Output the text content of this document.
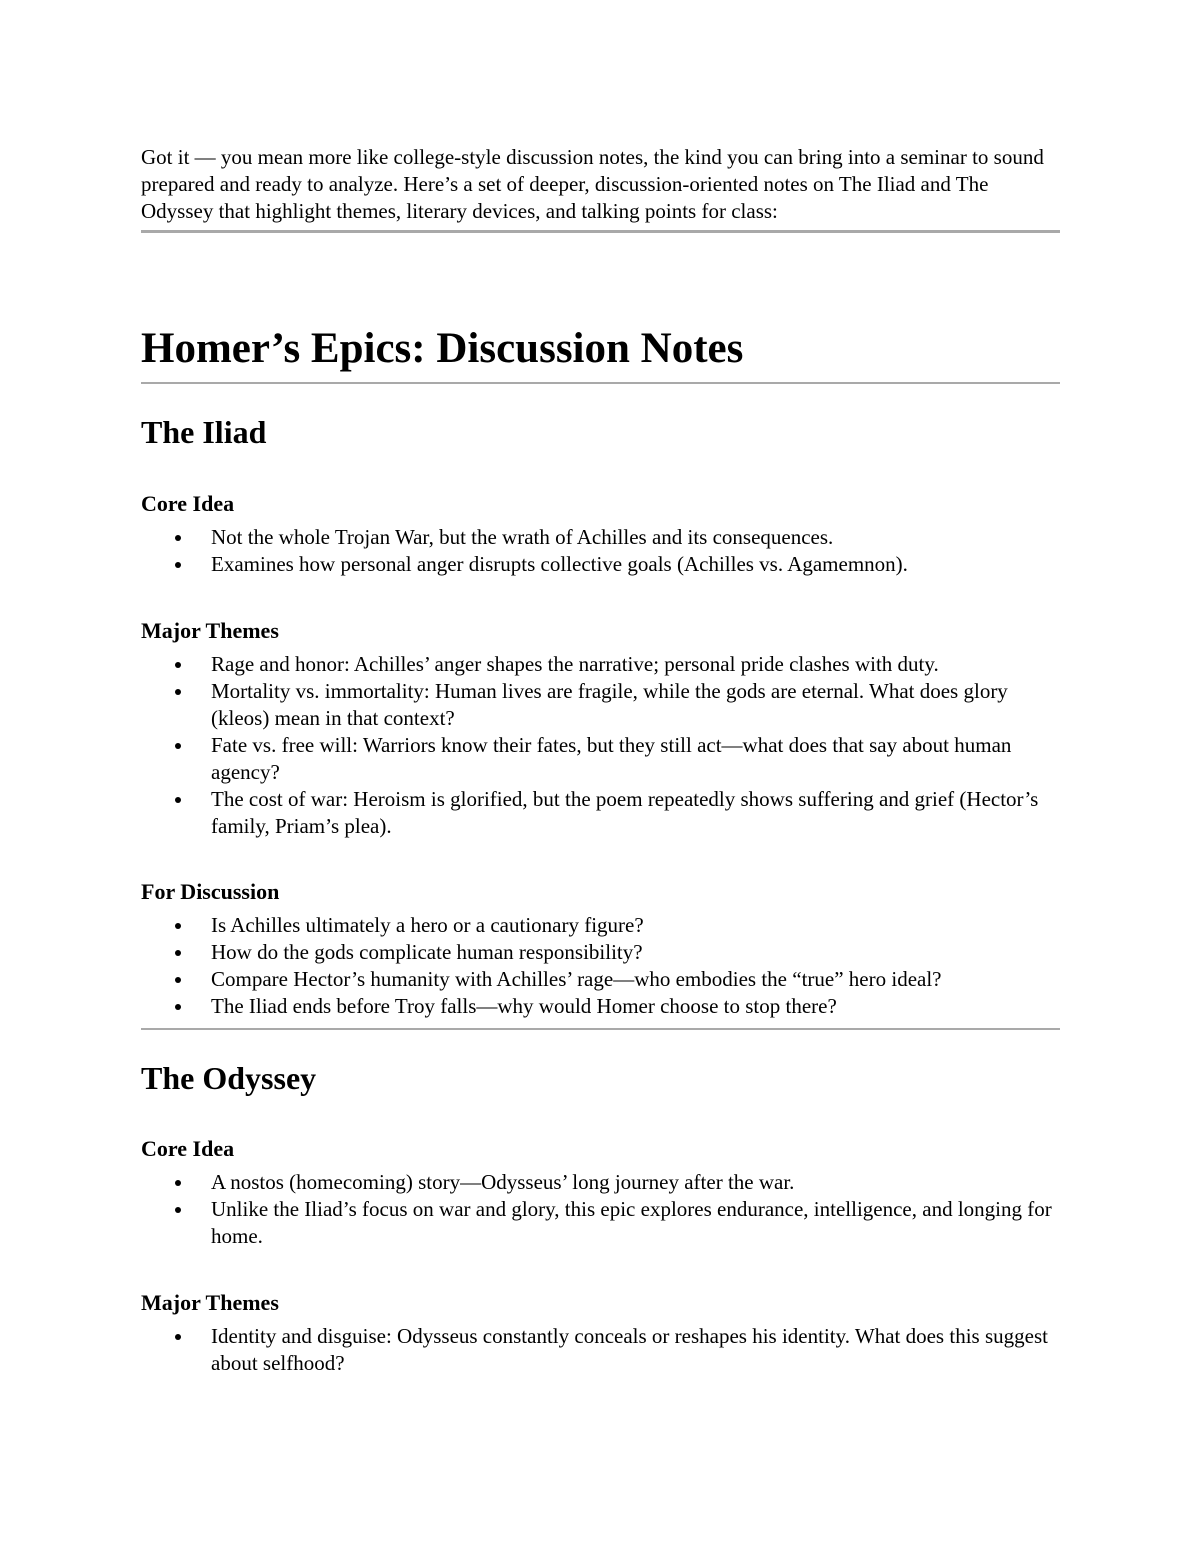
Got it — you mean more like college-style discussion notes, the kind you can bring into a seminar to sound prepared and ready to analyze. Here’s a set of deeper, discussion-oriented notes on The Iliad and The Odyssey that highlight themes, literary devices, and talking points for class:

Homer’s Epics: Discussion Notes
The Iliad
Core Idea
Not the whole Trojan War, but the wrath of Achilles and its consequences.
Examines how personal anger disrupts collective goals (Achilles vs. Agamemnon).
Major Themes
Rage and honor: Achilles’ anger shapes the narrative; personal pride clashes with duty.
Mortality vs. immortality: Human lives are fragile, while the gods are eternal. What does glory (kleos) mean in that context?
Fate vs. free will: Warriors know their fates, but they still act—what does that say about human agency?
The cost of war: Heroism is glorified, but the poem repeatedly shows suffering and grief (Hector’s family, Priam’s plea).
For Discussion
Is Achilles ultimately a hero or a cautionary figure?
How do the gods complicate human responsibility?
Compare Hector’s humanity with Achilles’ rage—who embodies the “true” hero ideal?
The Iliad ends before Troy falls—why would Homer choose to stop there?
The Odyssey
Core Idea
A nostos (homecoming) story—Odysseus’ long journey after the war.
Unlike the Iliad’s focus on war and glory, this epic explores endurance, intelligence, and longing for home.
Major Themes
Identity and disguise: Odysseus constantly conceals or reshapes his identity. What does this suggest about selfhood?
